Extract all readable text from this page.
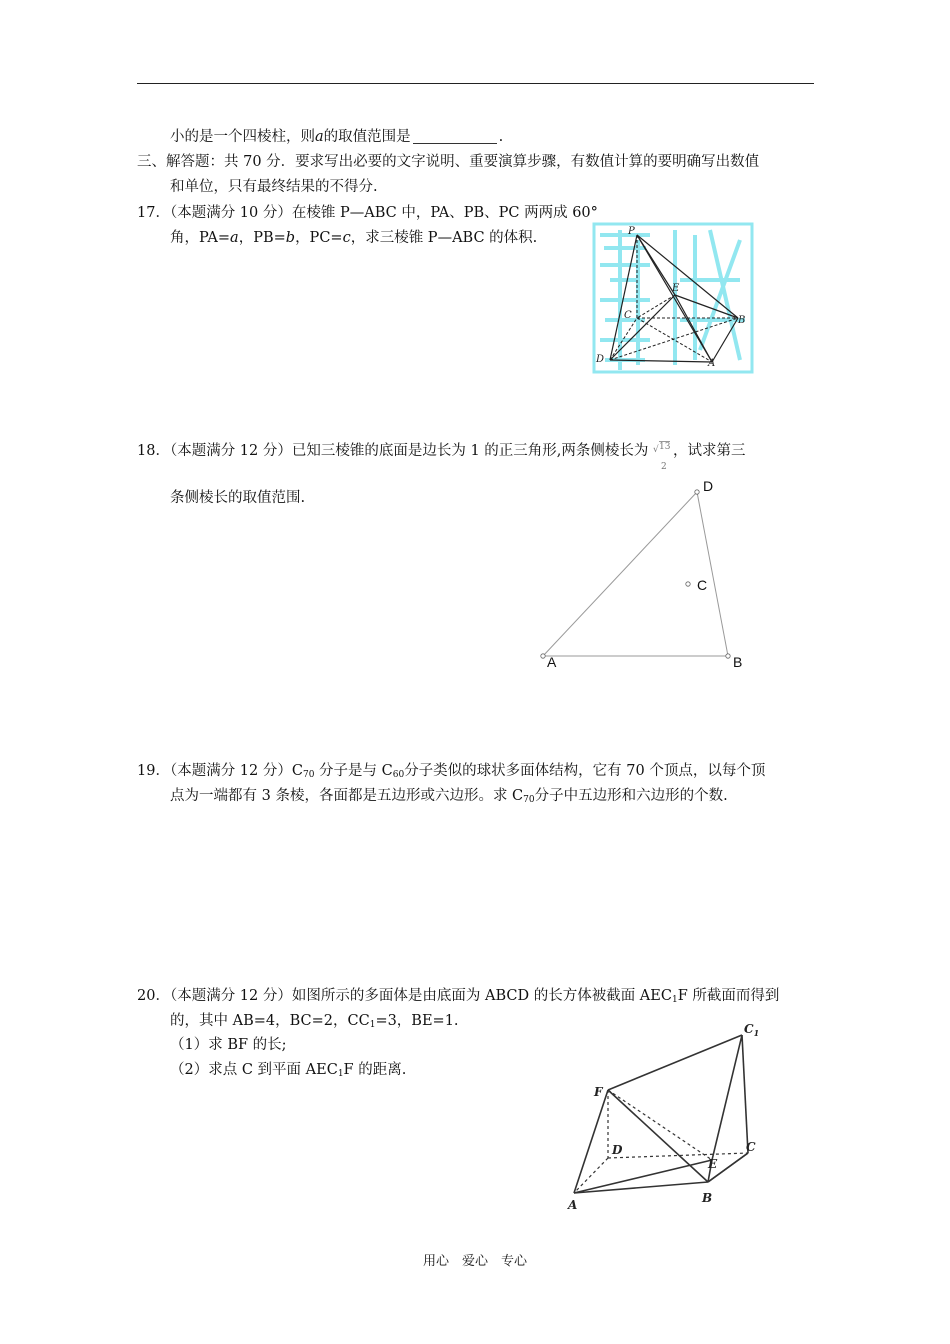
小的是一个四棱柱，则a的取值范围是	.
三、解答题：共 70 分．要求写出必要的文字说明、重要演算步骤，有数值计算的要明确写出数值
和单位，只有最终结果的不得分.
17．（本题满分 10 分）在棱锥 P—ABC 中，PA、PB、PC 两两成 60°
角，PA=a，PB=b，PC=c，求三棱锥 P—ABC 的体积.	P
E
C	B
D	A
18．（本题满分 12 分）已知三棱锥的底面是边长为 1 的正三角形,两条侧棱长为 √ 13
2
，试求第三
条侧棱长的取值范围.
D
C
A	B
19．（本题满分 12 分）$C_{70}$ 分子是与 $C_{60}$分子类似的球状多面体结构，它有 70 个顶点，以每个顶
点为一端都有 3 条棱，各面都是五边形或六边形。求 $C_{70}$分子中五边形和六边形的个数.
20．（本题满分 12 分）如图所示的多面体是由底面为 ABCD 的长方体被截面 $AEC_1F$ 所截面而得到
的，其中 AB=4，BC=2，$CC_1=3$，BE=1.
（1）求 BF 的长;
（2）求点 C 到平面 $AEC_1F$ 的距离.
$C_1$
F
D	C
E
A	B
用心　爱心　专心
